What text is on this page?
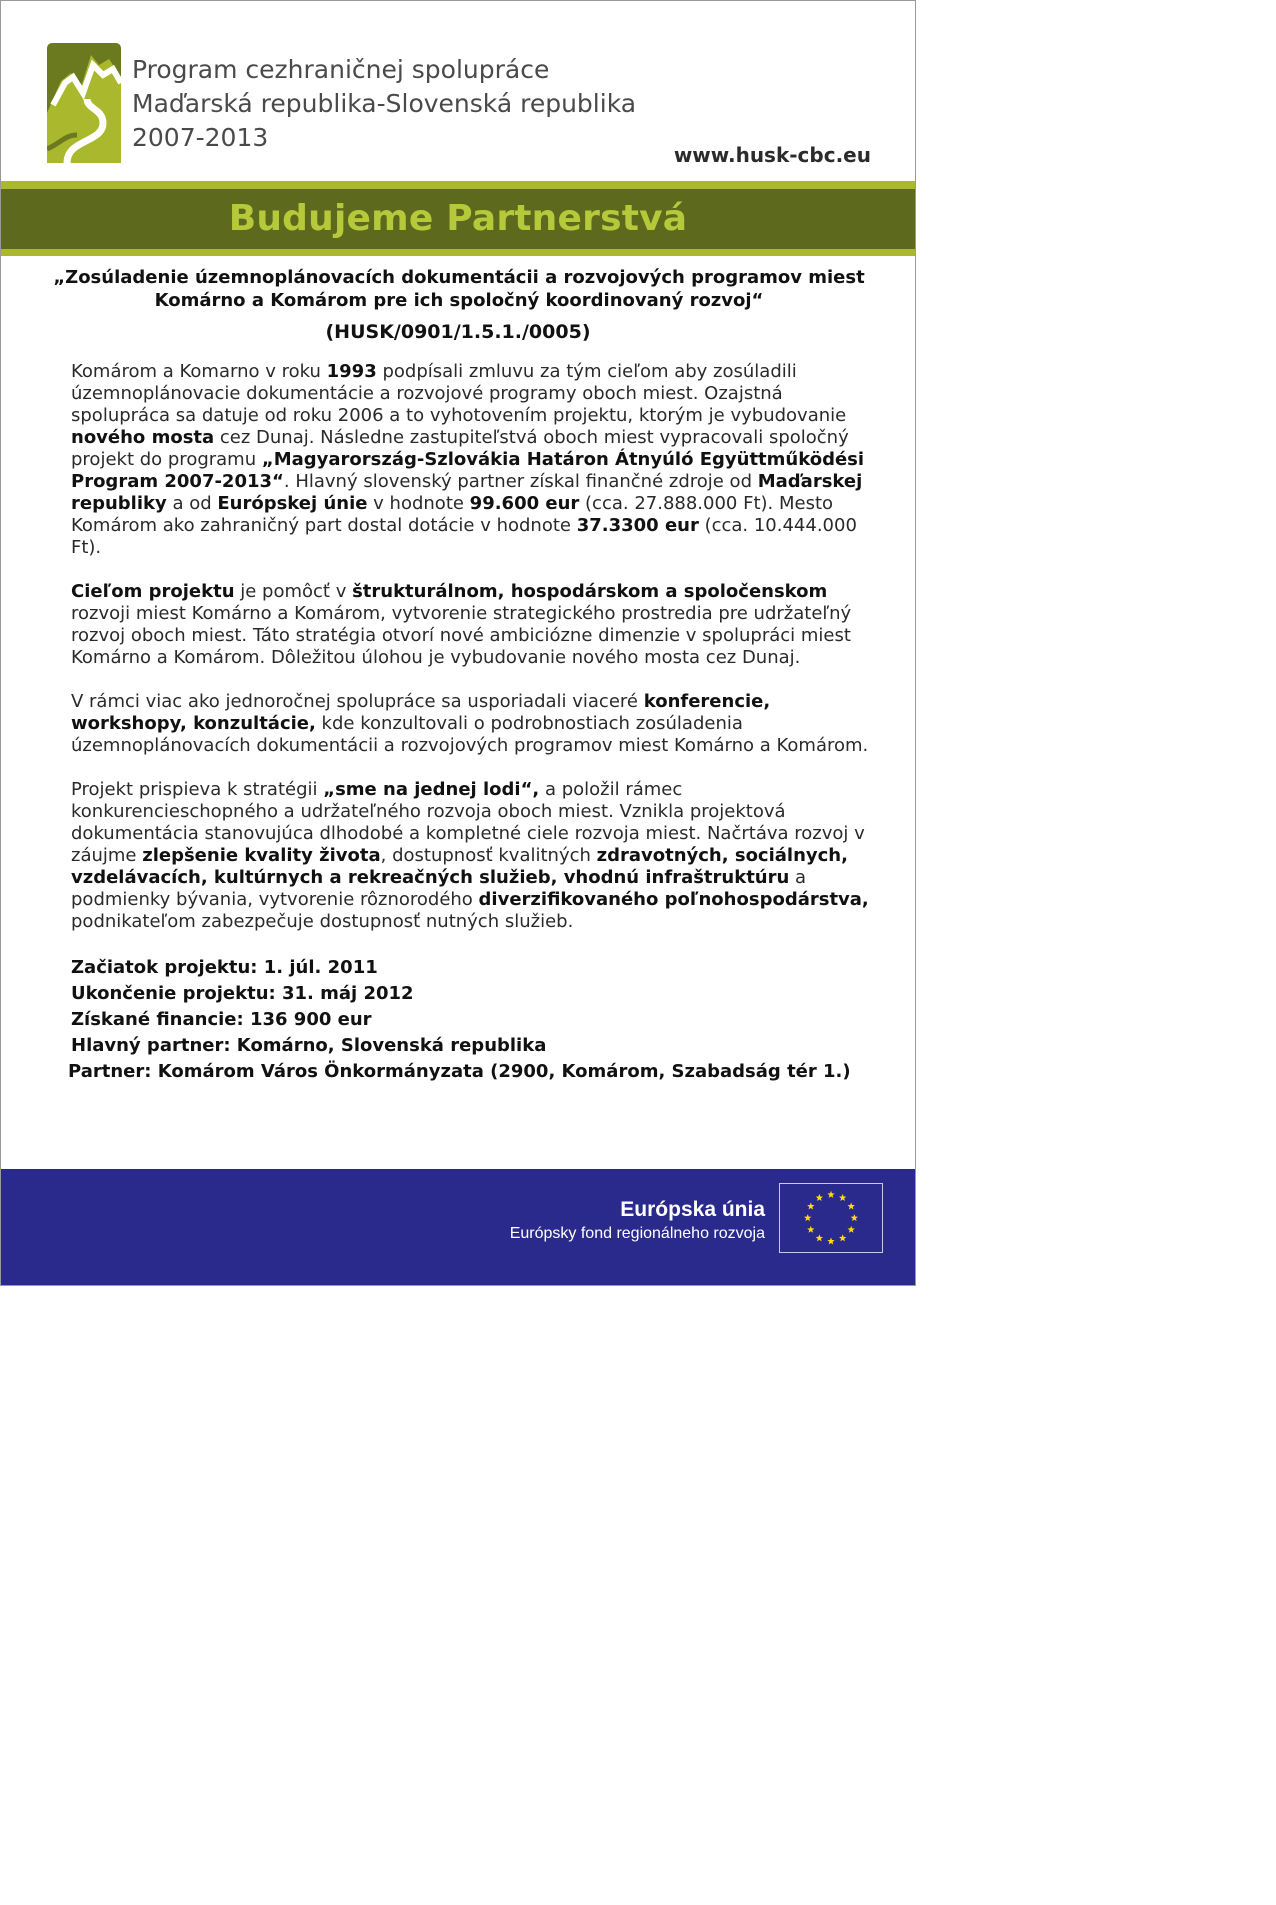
Program cezhraničnej spolupráce
Maďarská republika-Slovenská republika
2007-2013
www.husk-cbc.eu
Budujeme Partnerstvá
„Zosúladenie územnoplánovacích dokumentácii a rozvojových programov miest Komárno a Komárom pre ich spoločný koordinovaný rozvoj“
(HUSK/0901/1.5.1./0005)

Komárom a Komarno v roku 1993 podpísali zmluvu za tým cieľom aby zosúladili územnoplánovacie dokumentácie a rozvojové programy oboch miest. Ozajstná spolupráca sa datuje od roku 2006 a to vyhotovením projektu, ktorým je vybudovanie nového mosta cez Dunaj. Následne zastupiteľstvá oboch miest vypracovali spoločný projekt do programu „Magyarország-Szlovákia Határon Átnyúló Együttműködési Program 2007-2013“. Hlavný slovenský partner získal finančné zdroje od Maďarskej republiky a od Európskej únie v hodnote 99.600 eur (cca. 27.888.000 Ft). Mesto Komárom ako zahraničný part dostal dotácie v hodnote 37.3300 eur (cca. 10.444.000 Ft).

Cieľom projektu je pomôcť v štrukturálnom, hospodárskom a spoločenskom rozvoji miest Komárno a Komárom, vytvorenie strategického prostredia pre udržateľný rozvoj oboch miest. Táto stratégia otvorí nové ambiciózne dimenzie v spolupráci miest Komárno a Komárom. Dôležitou úlohou je vybudovanie nového mosta cez Dunaj.

V rámci viac ako jednoročnej spolupráce sa usporiadali viaceré konferencie, workshopy, konzultácie, kde konzultovali o podrobnostiach zosúladenia územnoplánovacích dokumentácii a rozvojových programov miest Komárno a Komárom.

Projekt prispieva k stratégii „sme na jednej lodi“, a položil rámec konkurencieschopného a udržateľného rozvoja oboch miest. Vznikla projektová dokumentácia stanovujúca dlhodobé a kompletné ciele rozvoja miest. Načrtáva rozvoj v záujme zlepšenie kvality života, dostupnosť kvalitných zdravotných, sociálnych, vzdelávacích, kultúrnych a rekreačných služieb, vhodnú infraštruktúru a podmienky bývania, vytvorenie rôznorodého diverzifikovaného poľnohospodárstva, podnikateľom zabezpečuje dostupnosť nutných služieb.

Začiatok projektu: 1. júl. 2011
Ukončenie projektu: 31. máj 2012
Získané financie: 136 900 eur
Hlavný partner: Komárno, Slovenská republika
Partner: Komárom Város Önkormányzata (2900, Komárom, Szabadság tér 1.)
Európska únia
Európsky fond regionálneho rozvoja
